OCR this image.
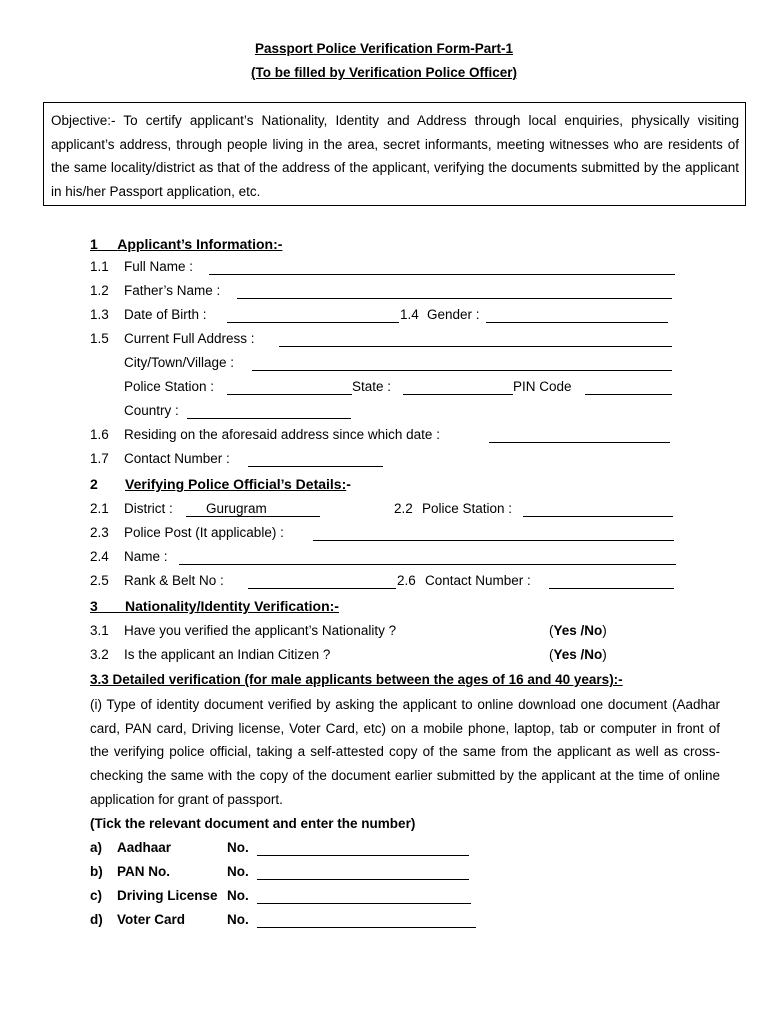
Passport Police Verification Form-Part-1
(To be filled by Verification Police Officer)

Objective:- To certify applicant’s Nationality, Identity and Address through local enquiries, physically visiting applicant’s address, through people living in the area, secret informants, meeting witnesses who are residents of the same locality/district as that of the address of the applicant, verifying the documents submitted by the applicant in his/her Passport application, etc.

1 Applicant’s Information:-
1.1 Full Name :
1.2 Father’s Name :
1.3 Date of Birth :	1.4 Gender :
1.5 Current Full Address :
City/Town/Village :
Police Station :	State :	PIN Code
Country :
1.6 Residing on the aforesaid address since which date :
1.7 Contact Number :
2 Verifying Police Official’s Details:-
2.1 District : Gurugram	2.2 Police Station :
2.3 Police Post (It applicable) :
2.4 Name :
2.5 Rank & Belt No :	2.6 Contact Number :
3 Nationality/Identity Verification:-
3.1 Have you verified the applicant’s Nationality ?	(Yes /No)
3.2 Is the applicant an Indian Citizen ?	(Yes /No)
3.3 Detailed verification (for male applicants between the ages of 16 and 40 years):-

(i) Type of identity document verified by asking the applicant to online download one document (Aadhar card, PAN card, Driving license, Voter Card, etc) on a mobile phone, laptop, tab or computer in front of the verifying police official, taking a self-attested copy of the same from the applicant as well as cross-checking the same with the copy of the document earlier submitted by the applicant at the time of online application for grant of passport.

(Tick the relevant document and enter the number)
a) Aadhaar	No.
b) PAN No.	No.
c) Driving License No.
d) Voter Card	No.
